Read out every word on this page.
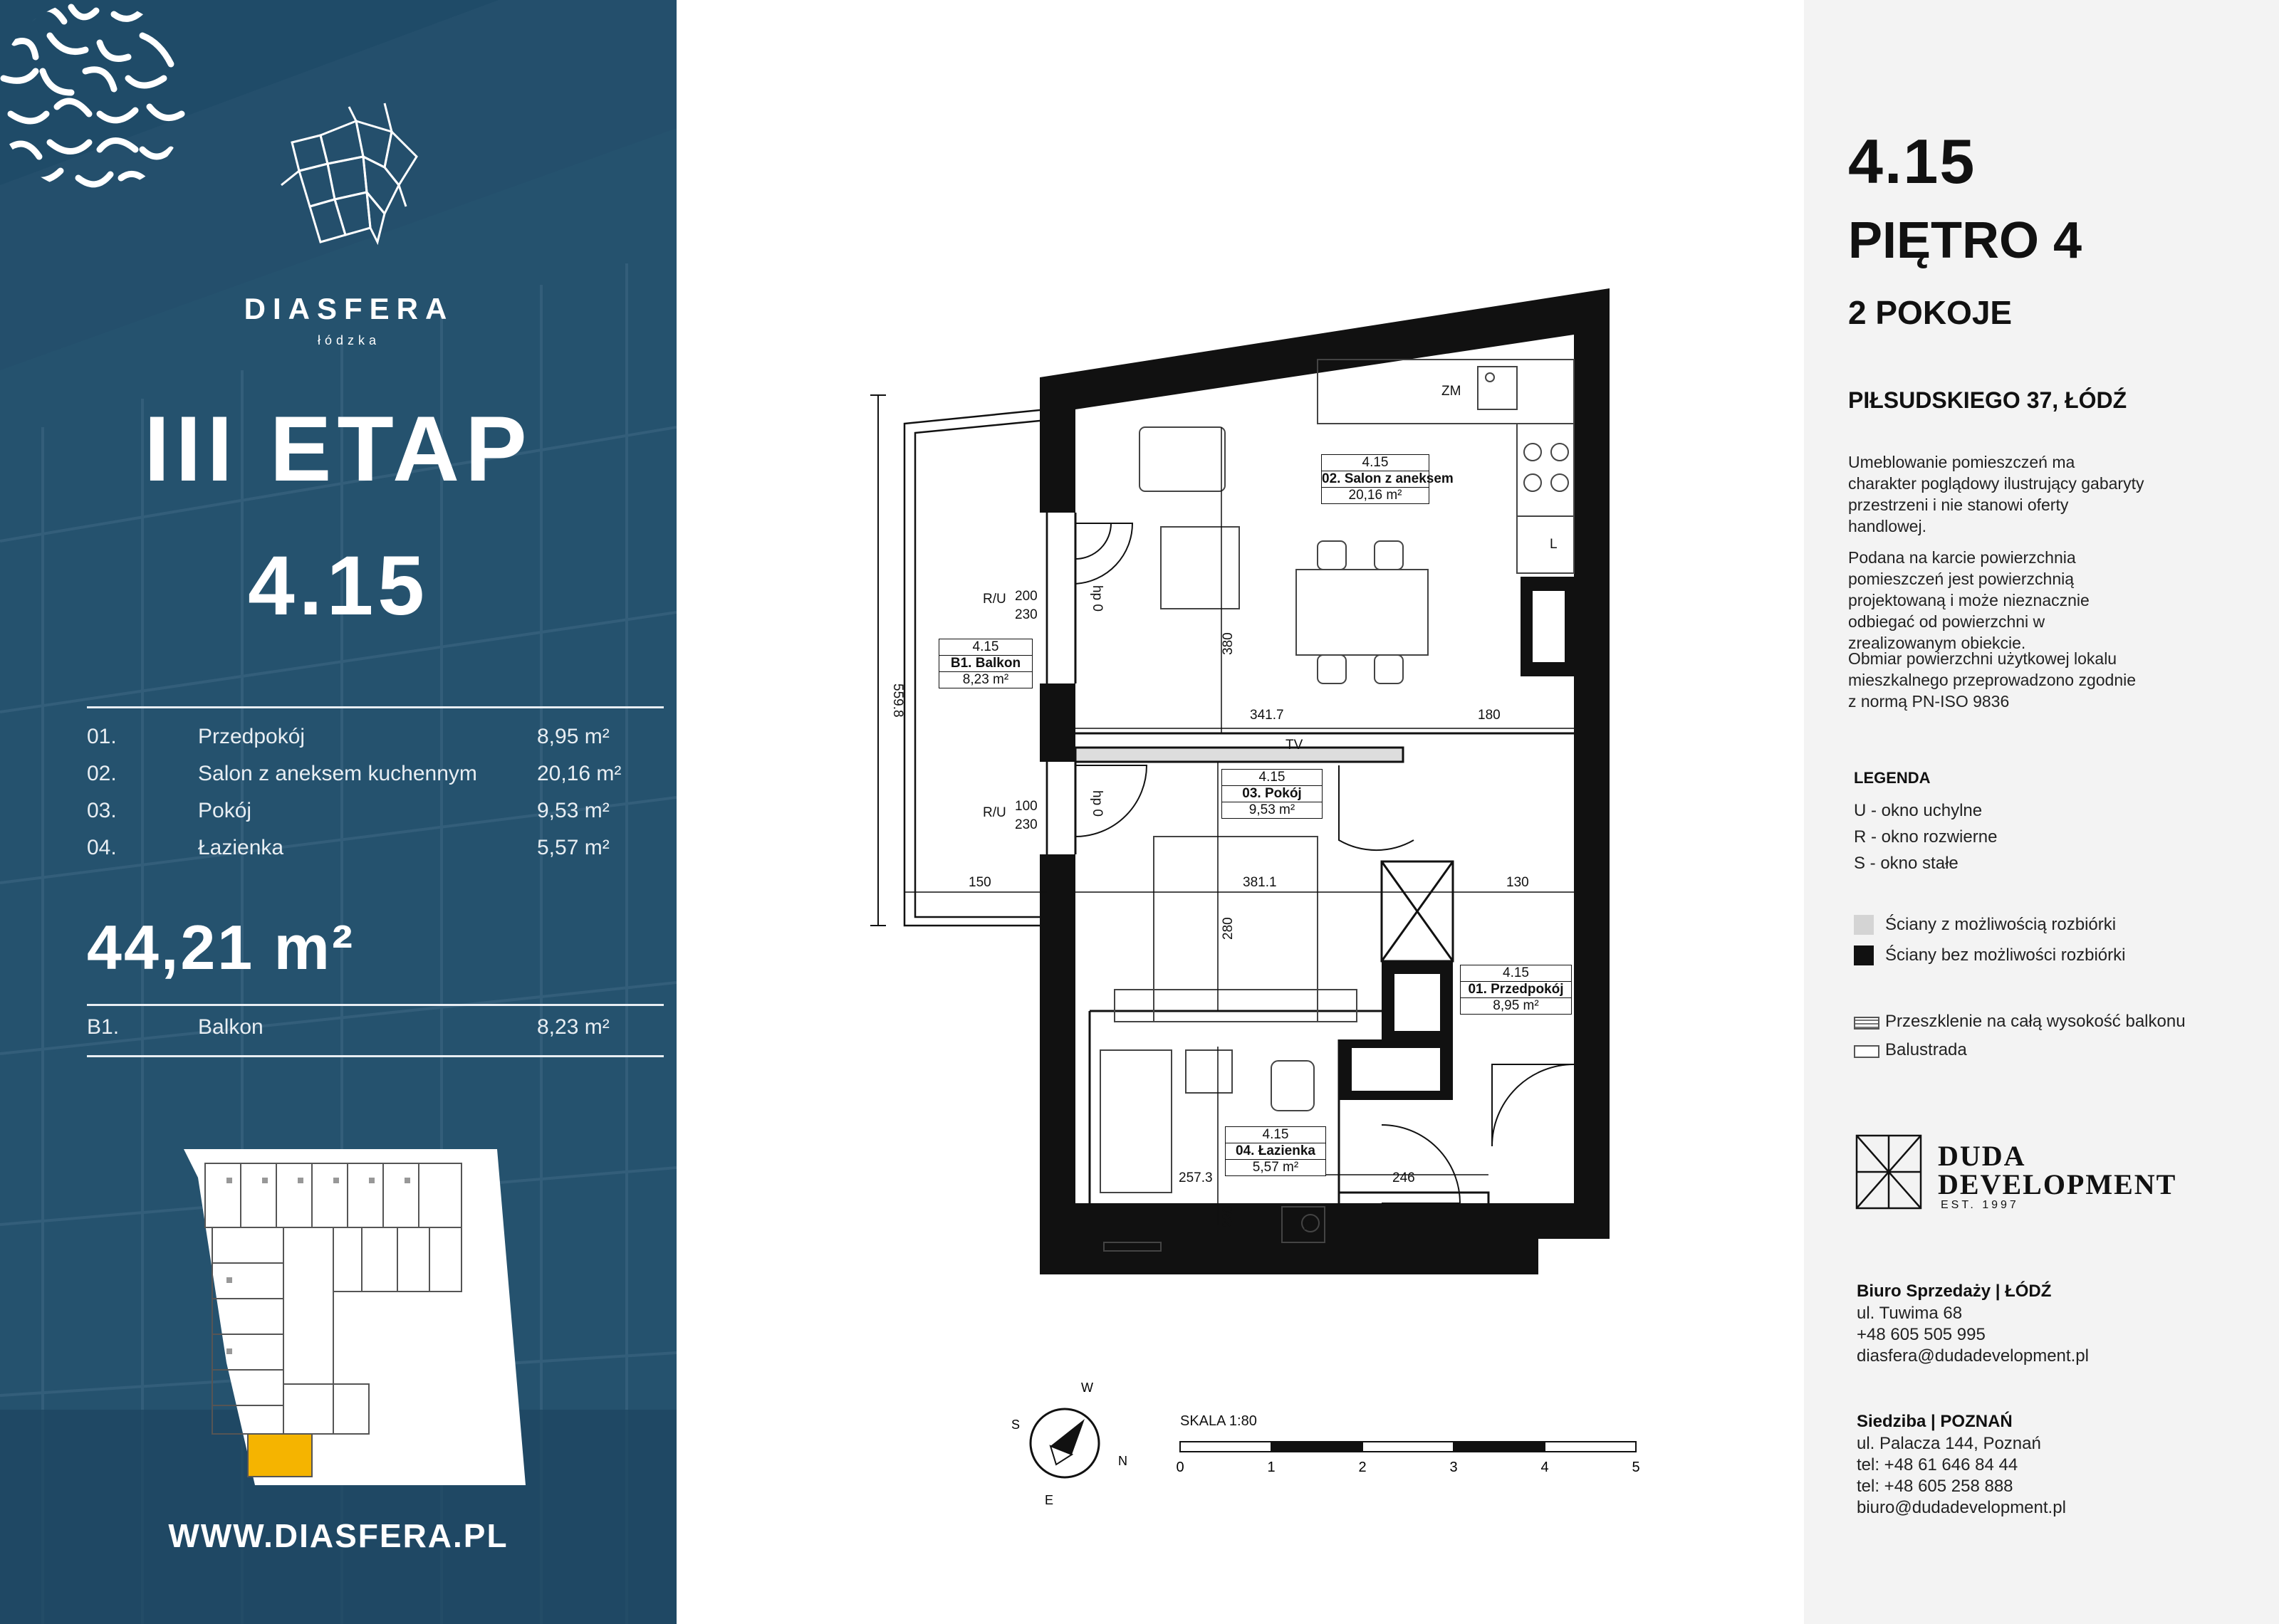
DIASFERA
łódzka
III ETAP
4.15
01.	Przedpokój	8,95 m²
02.	Salon z aneksem kuchennym	20,16 m²
03.	Pokój	9,53 m²
04.	Łazienka	5,57 m²
44,21 m²
B1.	Balkon	8,23 m²
WWW.DIASFERA.PL
ZM
L
TV
P
341.7	180
381.1	130
150
257.3	246
R/U 200
230
R/U 100
230
380
280
220
559.8
hp 0
hp 0
4.15
02. Salon z aneksem
20,16 m²
4.15
B1. Balkon
8,23 m²
4.15
03. Pokój
9,53 m²
4.15
01. Przedpokój
8,95 m²
4.15
04. Łazienka
5,57 m²
W
S
N
E
SKALA 1:80
0	1	2	3	4	5
4.15
PIĘTRO 4
2 POKOJE
PIŁSUDSKIEGO 37, ŁÓDŹ
Umeblowanie pomieszczeń ma charakter poglądowy ilustrujący gabaryty przestrzeni i nie stanowi oferty handlowej.
Podana na karcie powierzchnia pomieszczeń jest powierzchnią projektowaną i może nieznacznie odbiegać od powierzchni w zrealizowanym obiekcie.
Obmiar powierzchni użytkowej lokalu mieszkalnego przeprowadzono zgodnie z normą PN-ISO 9836
LEGENDA
U - okno uchylne
R - okno rozwierne
S - okno stałe
Ściany z możliwością rozbiórki
Ściany bez możliwości rozbiórki
Przeszklenie na całą wysokość balkonu
Balustrada
DUDA
DEVELOPMENT
EST. 1997
Biuro Sprzedaży | ŁÓDŹ
ul. Tuwima 68
+48 605 505 995
diasfera@dudadevelopment.pl
Siedziba | POZNAŃ
ul. Palacza 144, Poznań
tel: +48 61 646 84 44
tel: +48 605 258 888
biuro@dudadevelopment.pl
